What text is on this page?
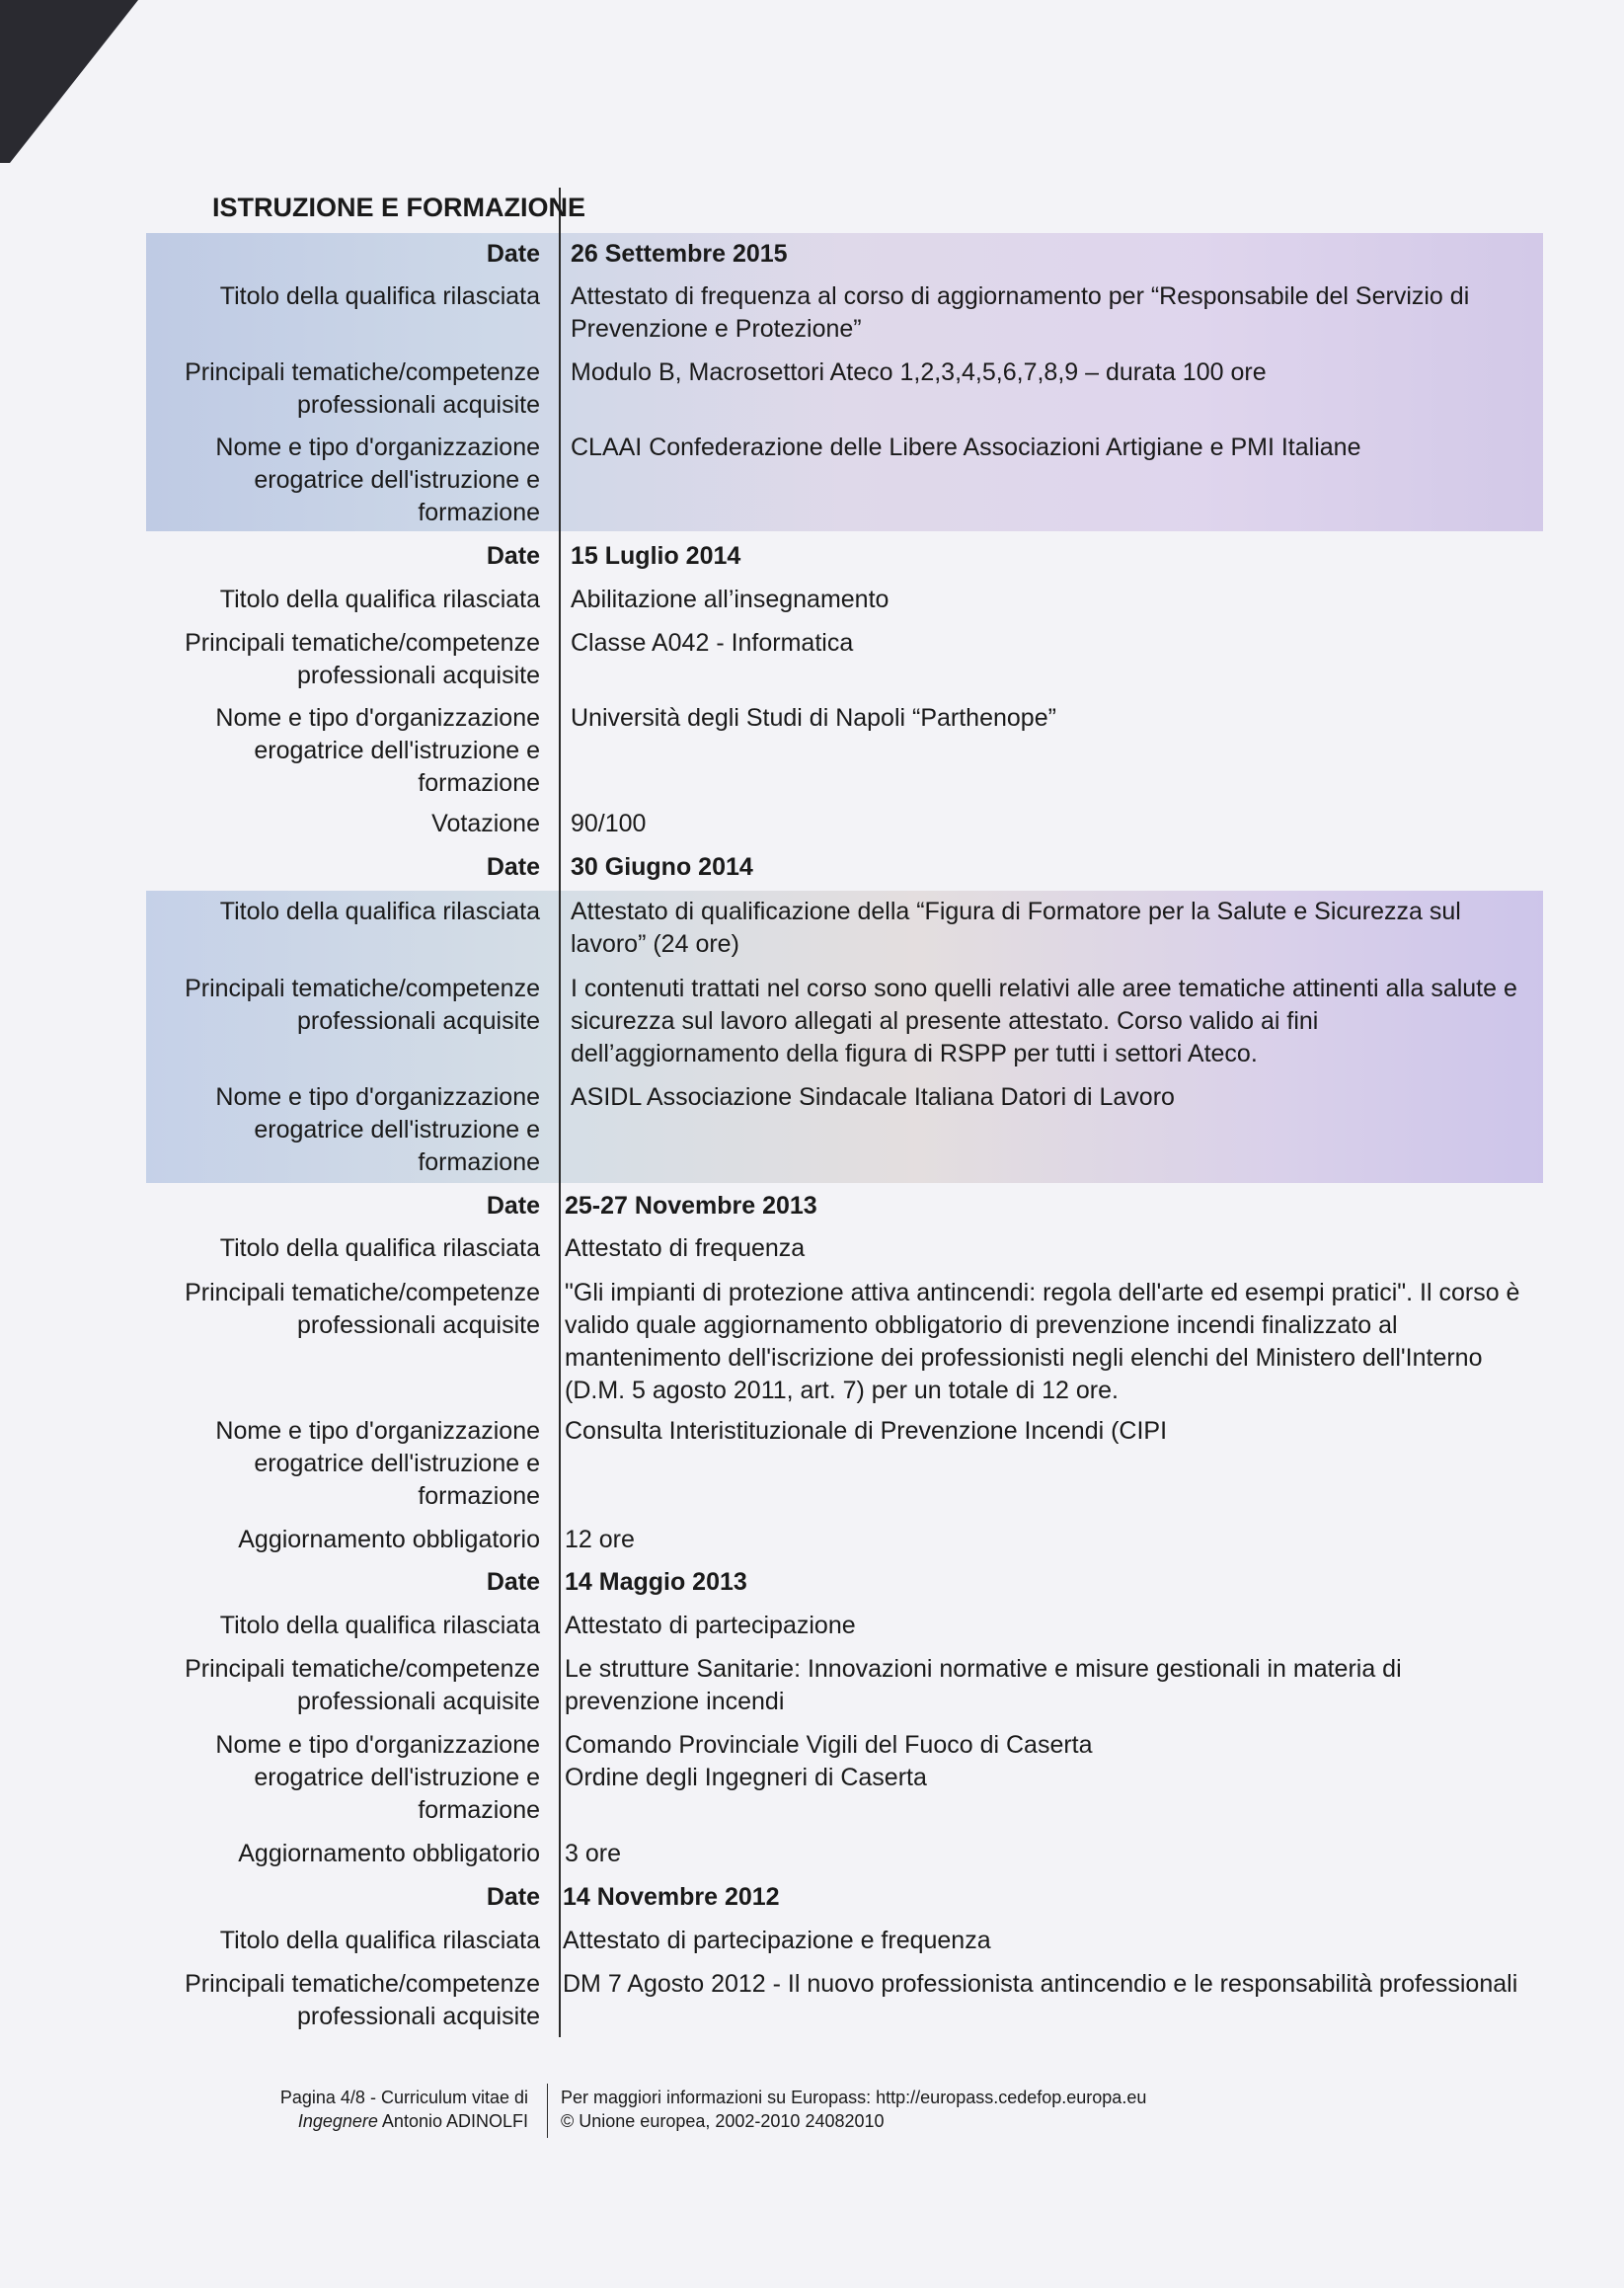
ISTRUZIONE E FORMAZIONE
Date 26 Settembre 2015
Titolo della qualifica rilasciata Attestato di frequenza al corso di aggiornamento per “Responsabile del Servizio di Prevenzione e Protezione”
Principali tematiche/competenze professionali acquisite
Modulo B, Macrosettori Ateco 1,2,3,4,5,6,7,8,9 – durata 100 ore
Nome e tipo d'organizzazione erogatrice dell'istruzione e formazione
CLAAI Confederazione delle Libere Associazioni Artigiane e PMI Italiane
Date 15 Luglio 2014
Titolo della qualifica rilasciata Abilitazione all’insegnamento
Principali tematiche/competenze professionali acquisite
Classe A042 - Informatica
Nome e tipo d'organizzazione erogatrice dell'istruzione e formazione
Università degli Studi di Napoli “Parthenope”
Votazione 90/100
Date 30 Giugno 2014
Titolo della qualifica rilasciata Attestato di qualificazione della “Figura di Formatore per la Salute e Sicurezza sul lavoro” (24 ore)
Principali tematiche/competenze professionali acquisite
I contenuti trattati nel corso sono quelli relativi alle aree tematiche attinenti alla salute e sicurezza sul lavoro allegati al presente attestato. Corso valido ai fini dell’aggiornamento della figura di RSPP per tutti i settori Ateco.
Nome e tipo d'organizzazione erogatrice dell'istruzione e formazione
ASIDL Associazione Sindacale Italiana Datori di Lavoro
Date 25-27 Novembre 2013
Titolo della qualifica rilasciata Attestato di frequenza
Principali tematiche/competenze professionali acquisite
"Gli impianti di protezione attiva antincendi: regola dell'arte ed esempi pratici". Il corso è valido quale aggiornamento obbligatorio di prevenzione incendi finalizzato al mantenimento dell'iscrizione dei professionisti negli elenchi del Ministero dell'Interno (D.M. 5 agosto 2011, art. 7) per un totale di 12 ore.
Nome e tipo d'organizzazione erogatrice dell'istruzione e formazione
Consulta Interistituzionale di Prevenzione Incendi (CIPI
Aggiornamento obbligatorio 12 ore
Date 14 Maggio 2013
Titolo della qualifica rilasciata Attestato di partecipazione
Principali tematiche/competenze professionali acquisite
Le strutture Sanitarie: Innovazioni normative e misure gestionali in materia di prevenzione incendi
Nome e tipo d'organizzazione erogatrice dell'istruzione e formazione
Comando Provinciale Vigili del Fuoco di Caserta
Ordine degli Ingegneri di Caserta
Aggiornamento obbligatorio 3 ore
Date 14 Novembre 2012
Titolo della qualifica rilasciata Attestato di partecipazione e frequenza
Principali tematiche/competenze professionali acquisite
DM 7 Agosto 2012 - Il nuovo professionista antincendio e le responsabilità professionali
Pagina 4/8 - Curriculum vitae di
Ingegnere Antonio ADINOLFI
Per maggiori informazioni su Europass: http://europass.cedefop.europa.eu
© Unione europea, 2002-2010 24082010
